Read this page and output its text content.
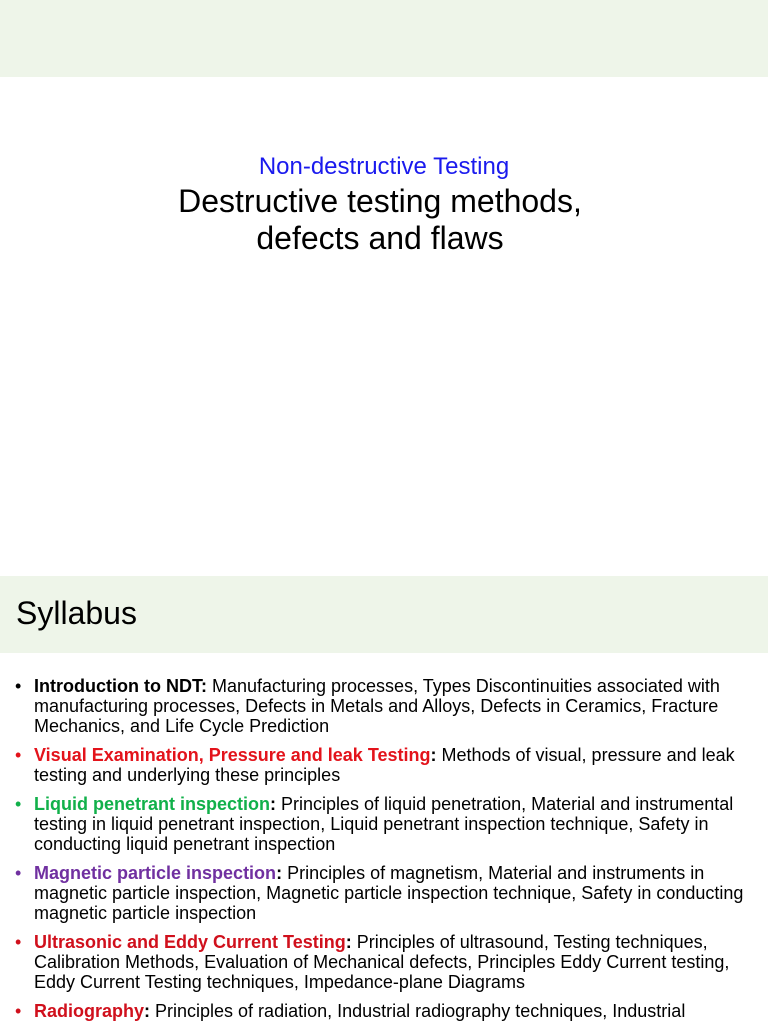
Non-destructive Testing

Destructive testing methods,

defects and flaws

Syllabus
• Introduction to NDT: Manufacturing processes, Types Discontinuities associated with manufacturing processes, Defects in Metals and Alloys, Defects in Ceramics, Fracture Mechanics, and Life Cycle Prediction
• Visual Examination, Pressure and leak Testing: Methods of visual, pressure and leak testing and underlying these principles
• Liquid penetrant inspection: Principles of liquid penetration, Material and instrumental testing in liquid penetrant inspection, Liquid penetrant inspection technique, Safety in conducting liquid penetrant inspection
• Magnetic particle inspection: Principles of magnetism, Material and instruments in magnetic particle inspection, Magnetic particle inspection technique, Safety in conducting magnetic particle inspection
• Ultrasonic and Eddy Current Testing: Principles of ultrasound, Testing techniques, Calibration Methods, Evaluation of Mechanical defects, Principles Eddy Current testing, Eddy Current Testing techniques, Impedance-plane Diagrams
• Radiography: Principles of radiation, Industrial radiography techniques, Industrial
